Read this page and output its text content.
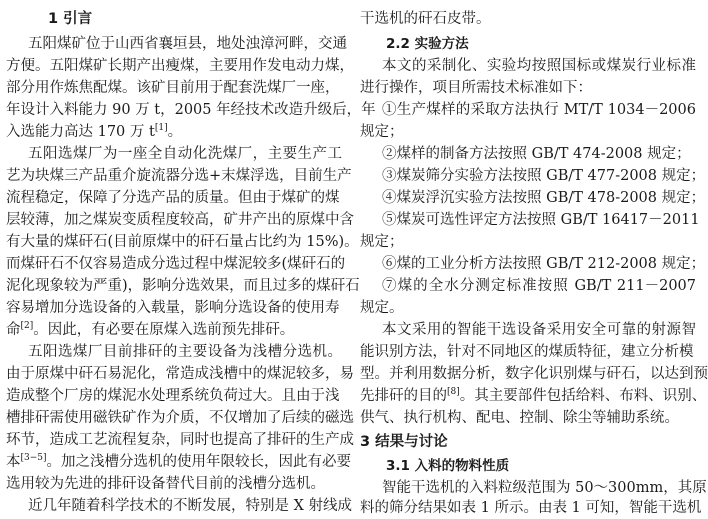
1 引言
五阳煤矿位于山西省襄垣县，地处浊漳河畔，交通
方便。五阳煤矿长期产出瘦煤，主要用作发电动力煤，
部分用作炼焦配煤。该矿目前用于配套洗煤厂一座，
年设计入料能力 90 万 t，2005 年经技术改造升级后，年
入选能力高达 170 万 t[1]。
五阳选煤厂为一座全自动化洗煤厂，主要生产工
艺为块煤三产品重介旋流器分选+末煤浮选，目前生产
流程稳定，保障了分选产品的质量。但由于煤矿的煤
层较薄，加之煤炭变质程度较高，矿井产出的原煤中含
有大量的煤矸石(目前原煤中的矸石量占比约为 15%)。
而煤矸石不仅容易造成分选过程中煤泥较多(煤矸石的
泥化现象较为严重)，影响分选效果，而且过多的煤矸石
容易增加分选设备的入载量，影响分选设备的使用寿
命[2]。因此，有必要在原煤入选前预先排矸。
五阳选煤厂目前排矸的主要设备为浅槽分选机。
由于原煤中矸石易泥化，常造成浅槽中的煤泥较多，易
造成整个厂房的煤泥水处理系统负荷过大。且由于浅
槽排矸需使用磁铁矿作为介质，不仅增加了后续的磁选
环节，造成工艺流程复杂，同时也提高了排矸的生产成
本[3−5]。加之浅槽分选机的使用年限较长，因此有必要
选用较为先进的排矸设备替代目前的浅槽分选机。
近几年随着科学技术的不断发展，特别是 X 射线成
干选机的矸石皮带。
2.2 实验方法
本文的采制化、实验均按照国标或煤炭行业标准
进行操作，项目所需技术标准如下：
①生产煤样的采取方法执行 MT/T 1034－2006
规定；
②煤样的制备方法按照 GB/T 474-2008 规定；
③煤炭筛分实验方法按照 GB/T 477-2008 规定；
④煤炭浮沉实验方法按照 GB/T 478-2008 规定；
⑤煤炭可选性评定方法按照 GB/T 16417－2011
规定；
⑥煤的工业分析方法按照 GB/T 212-2008 规定；
⑦煤的全水分测定标准按照 GB/T 211－2007
规定。
本文采用的智能干选设备采用安全可靠的射源智
能识别方法，针对不同地区的煤质特征，建立分析模
型。并利用数据分析，数字化识别煤与矸石，以达到预
先排矸的目的[8]。其主要部件包括给料、布料、识别、
供气、执行机构、配电、控制、除尘等辅助系统。
3 结果与讨论
3.1 入料的物料性质
智能干选机的入料粒级范围为 50～300mm，其原
料的筛分结果如表 1 所示。由表 1 可知，智能干选机
